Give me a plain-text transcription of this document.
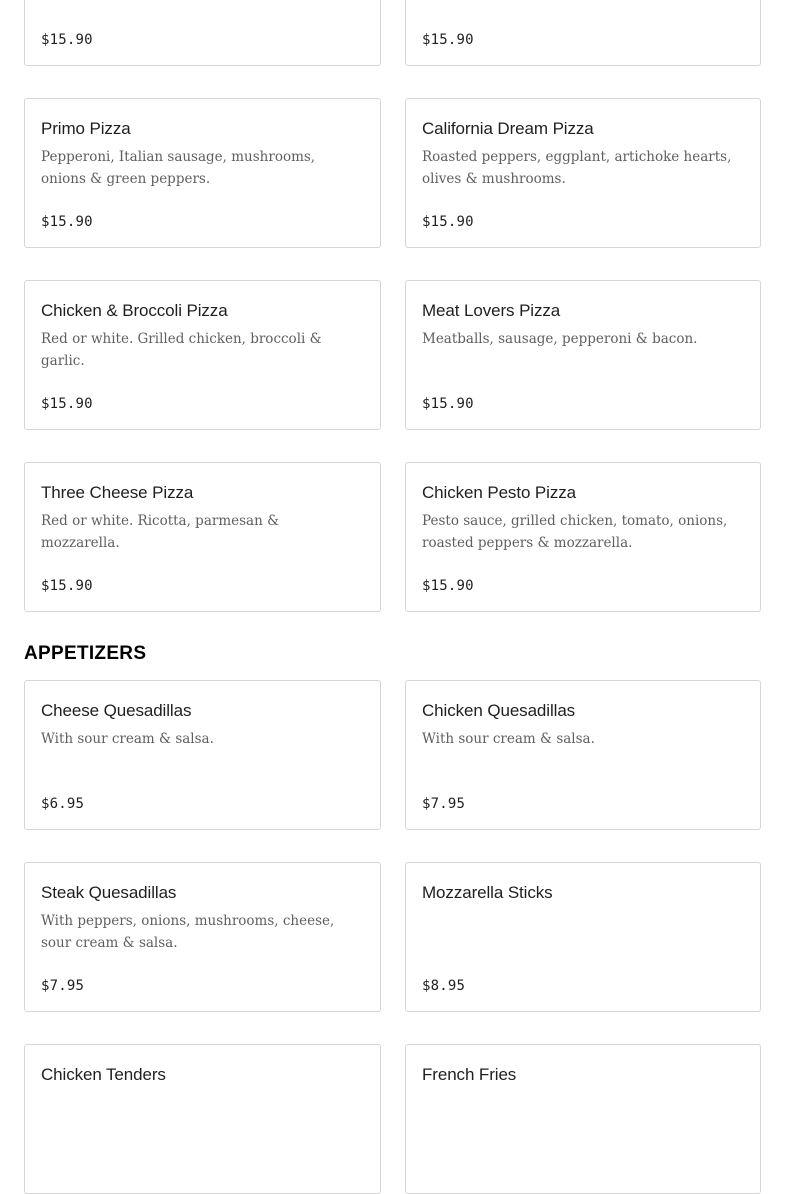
$15.90	$15.90
Primo Pizza

Pepperoni, Italian sausage, mushrooms, onions & green peppers.

$15.90
California Dream Pizza

Roasted peppers, eggplant, artichoke hearts, olives & mushrooms.

$15.90
Chicken & Broccoli Pizza

Red or white. Grilled chicken, broccoli & garlic.

$15.90
Meat Lovers Pizza

Meatballs, sausage, pepperoni & bacon.

$15.90
Three Cheese Pizza

Red or white. Ricotta, parmesan & mozzarella.

$15.90
Chicken Pesto Pizza

Pesto sauce, grilled chicken, tomato, onions, roasted peppers & mozzarella.

$15.90
APPETIZERS
Cheese Quesadillas

With sour cream & salsa.

$6.95
Chicken Quesadillas

With sour cream & salsa.

$7.95
Steak Quesadillas

With peppers, onions, mushrooms, cheese, sour cream & salsa.

$7.95
Mozzarella Sticks

$8.95
Chicken Tenders	French Fries
